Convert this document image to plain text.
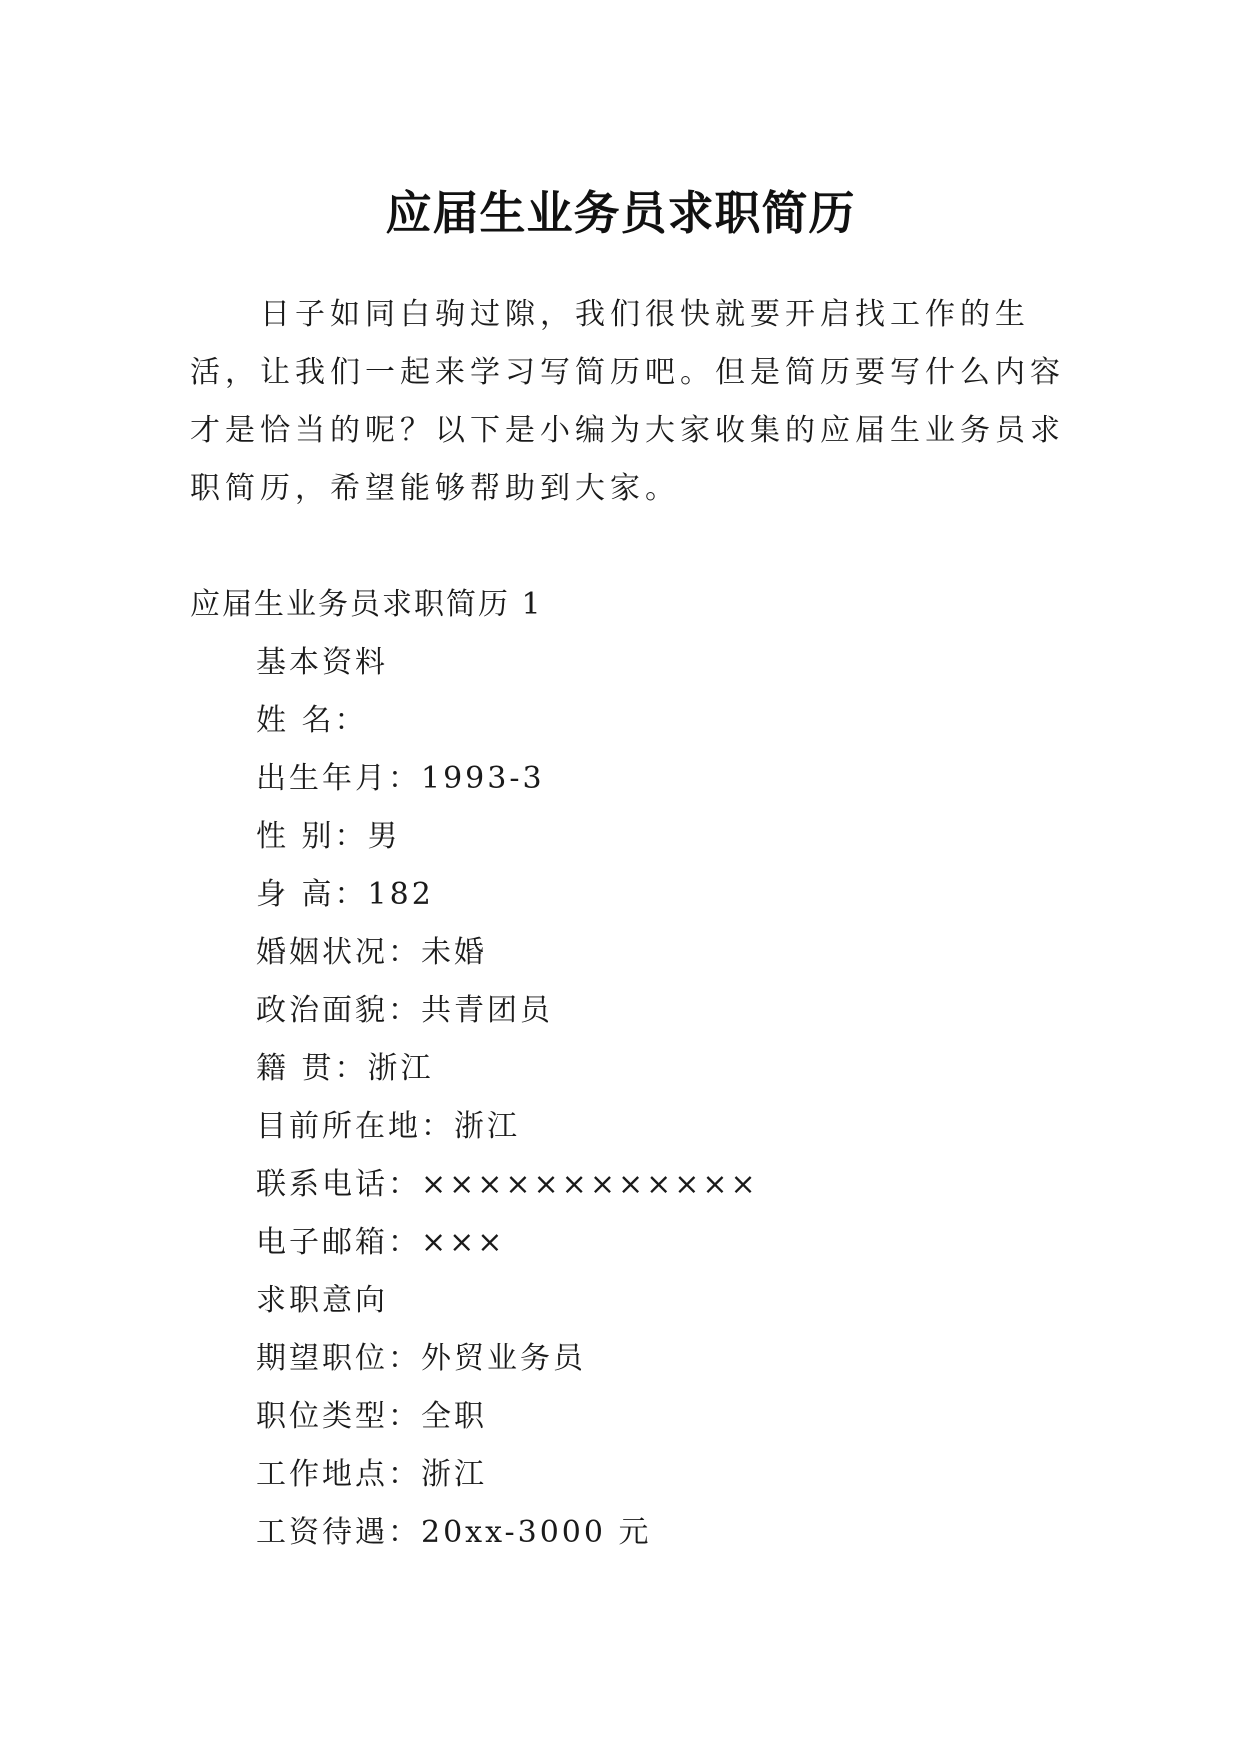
应届生业务员求职简历

日子如同白驹过隙，我们很快就要开启找工作的生活，让我们一起来学习写简历吧。但是简历要写什么内容才是恰当的呢？以下是小编为大家收集的应届生业务员求职简历，希望能够帮助到大家。

应届生业务员求职简历 1

基本资料
姓 名：
出生年月：1993-3
性 别：男
身 高：182
婚姻状况：未婚
政治面貌：共青团员
籍 贯：浙江
目前所在地：浙江
联系电话：××××××××××××
电子邮箱：×××
求职意向
期望职位：外贸业务员
职位类型：全职
工作地点：浙江
工资待遇：20xx-3000 元
